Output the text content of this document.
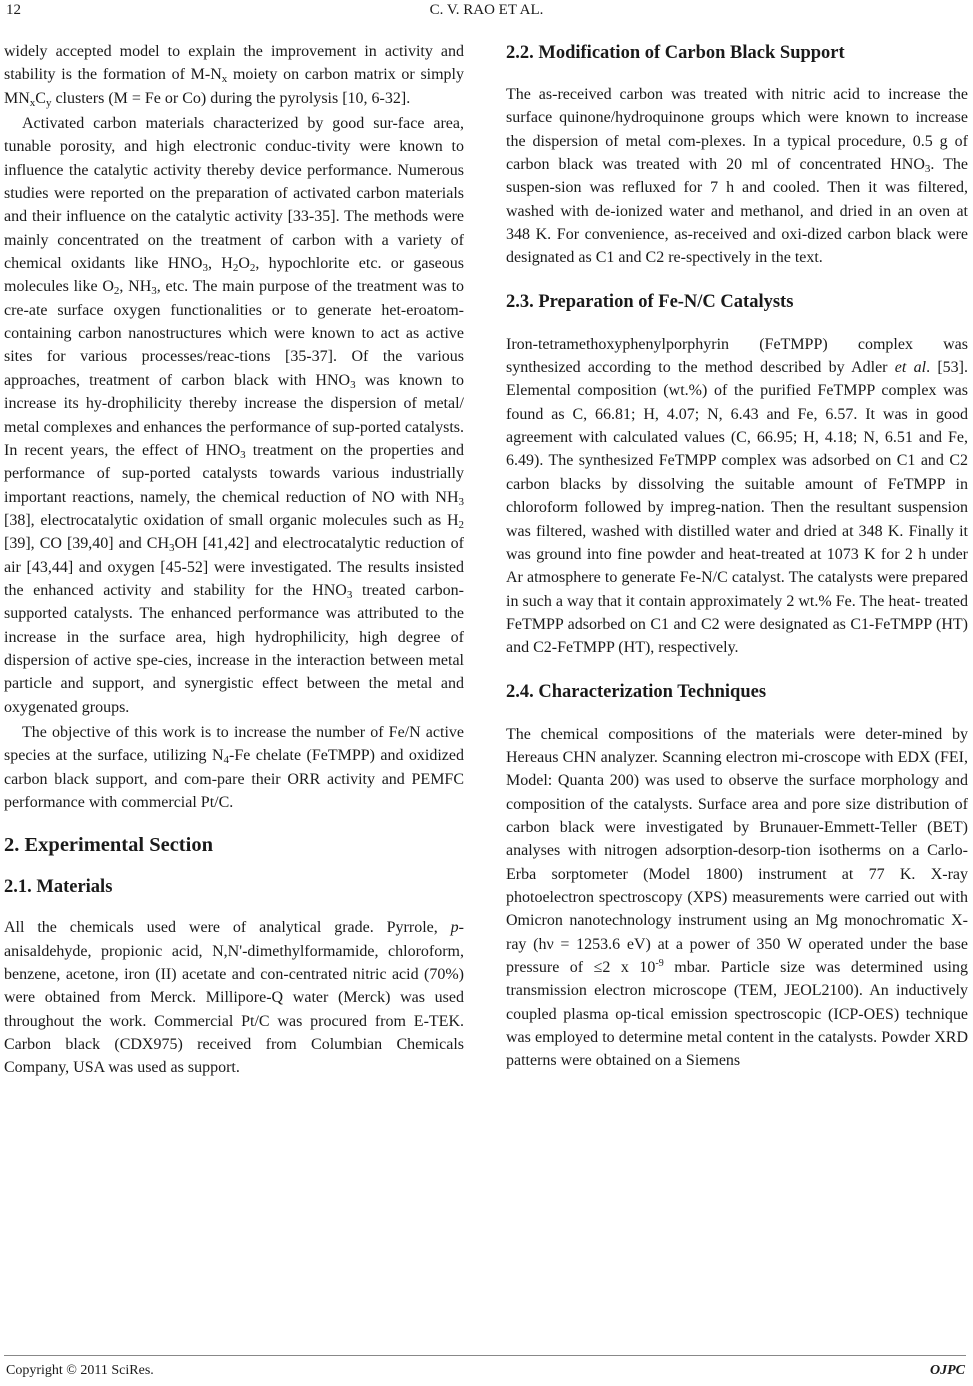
12	C. V. RAO ET AL.

widely accepted model to explain the improvement in activity and stability is the formation of $M-N_x$ moiety on carbon matrix or simply $MN_xC_y$ clusters (M = Fe or Co) during the pyrolysis [10, 6-32].

Activated carbon materials characterized by good sur-face area, tunable porosity, and high electronic conduc-tivity were known to influence the catalytic activity thereby device performance. Numerous studies were reported on the preparation of activated carbon materials and their influence on the catalytic activity [33-35]. The methods were mainly concentrated on the treatment of carbon with a variety of chemical oxidants like $HNO_3$, $H_2O_2$, hypochlorite etc. or gaseous molecules like $O_2$, $NH_3$, etc. The main purpose of the treatment was to cre-ate surface oxygen functionalities or to generate het-eroatom-containing carbon nanostructures which were known to act as active sites for various processes/reac-tions [35-37]. Of the various approaches, treatment of carbon black with $HNO_3$ was known to increase its hy-drophilicity thereby increase the dispersion of metal/ metal complexes and enhances the performance of sup-ported catalysts. In recent years, the effect of $HNO_3$ treatment on the properties and performance of sup-ported catalysts towards various industrially important reactions, namely, the chemical reduction of NO with $NH_3$ [38], electrocatalytic oxidation of small organic molecules such as $H_2$ [39], CO [39,40] and $CH_3OH$ [41,42] and electrocatalytic reduction of air [43,44] and oxygen [45-52] were investigated. The results insisted the enhanced activity and stability for the $HNO_3$ treated carbon-supported catalysts. The enhanced performance was attributed to the increase in the surface area, high hydrophilicity, high degree of dispersion of active spe-cies, increase in the interaction between metal particle and support, and synergistic effect between the metal and oxygenated groups.

The objective of this work is to increase the number of Fe/N active species at the surface, utilizing $N_4-Fe$ chelate (FeTMPP) and oxidized carbon black support, and com-pare their ORR activity and PEMFC performance with commercial Pt/C.

2. Experimental Section
2.1. Materials

All the chemicals used were of analytical grade. Pyrrole, p-anisaldehyde, propionic acid, N,N'-dimethylformamide, chloroform, benzene, acetone, iron (II) acetate and con-centrated nitric acid (70%) were obtained from Merck. Millipore-Q water (Merck) was used throughout the work. Commercial Pt/C was procured from E-TEK. Carbon black (CDX975) received from Columbian Chemicals Company, USA was used as support.

2.2. Modification of Carbon Black Support

The as-received carbon was treated with nitric acid to increase the surface quinone/hydroquinone groups which were known to increase the dispersion of metal com-plexes. In a typical procedure, 0.5 g of carbon black was treated with 20 ml of concentrated $HNO_3$. The suspen-sion was refluxed for 7 h and cooled. Then it was filtered, washed with de-ionized water and methanol, and dried in an oven at 348 K. For convenience, as-received and oxi-dized carbon black were designated as C1 and C2 re-spectively in the text.

2.3. Preparation of Fe-N/C Catalysts

Iron-tetramethoxyphenylporphyrin (FeTMPP) complex was synthesized according to the method described by Adler et al. [53]. Elemental composition (wt.%) of the purified FeTMPP complex was found as C, 66.81; H, 4.07; N, 6.43 and Fe, 6.57. It was in good agreement with calculated values (C, 66.95; H, 4.18; N, 6.51 and Fe, 6.49). The synthesized FeTMPP complex was adsorbed on C1 and C2 carbon blacks by dissolving the suitable amount of FeTMPP in chloroform followed by impreg-nation. Then the resultant suspension was filtered, washed with distilled water and dried at 348 K. Finally it was ground into fine powder and heat-treated at 1073 K for 2 h under Ar atmosphere to generate Fe-N/C catalyst. The catalysts were prepared in such a way that it contain approximately 2 wt.% Fe. The heat- treated FeTMPP adsorbed on C1 and C2 were designated as C1-FeTMPP (HT) and C2-FeTMPP (HT), respectively.

2.4. Characterization Techniques

The chemical compositions of the materials were deter-mined by Hereaus CHN analyzer. Scanning electron mi-croscope with EDX (FEI, Model: Quanta 200) was used to observe the surface morphology and composition of the catalysts. Surface area and pore size distribution of carbon black were investigated by Brunauer-Emmett-Teller (BET) analyses with nitrogen adsorption-desorp-tion isotherms on a Carlo-Erba sorptometer (Model 1800) instrument at 77 K. X-ray photoelectron spectroscopy (XPS) measurements were carried out with Omicron nanotechnology instrument using an Mg monochromatic X-ray (hν = 1253.6 eV) at a power of 350 W operated under the base pressure of ≤2 x $10^{-9}$ mbar. Particle size was determined using transmission electron microscope (TEM, JEOL2100). An inductively coupled plasma op-tical emission spectroscopic (ICP-OES) technique was employed to determine metal content in the catalysts. Powder XRD patterns were obtained on a Siemens

Copyright © 2011 SciRes.	OJPC
